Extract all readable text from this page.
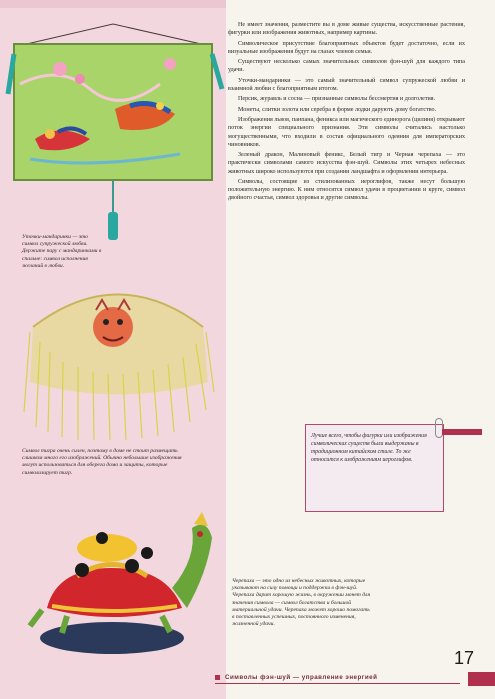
Уточки-мандаринки — это символ супружеской любви. Держите пару с мандаринками в спальне: символ исполнения желаний в любви.

Символ тигра очень силен, поэтому в доме не стоит размещать слишком много его изображений. Обычно небольшие изображения могут использоваться для оберега дома и защиты, которые символизирует тигр.

Черепаха — это одно из небесных животных, которые указывают на силу помощи и поддержки в фэн-шуй. Черепаха дарит хорошую жизнь, в окружении монет для значения символа — символ богатства и большой материальной удачи. Черепаха может хорошо помогать в поставленных успешных, постоянного изменения, жизненной удачи.

Не имеет значения, разместите вы в доме живые существа, искусственные растения, фигурки или изображения животных, например картины.

Символическое присутствие благоприятных объектов будет достаточно, если их визуальные изображения будут на глазах членов семьи.

Существуют несколько самых значительных символов фэн-шуй для каждого типа удачи.

Уточки-мандаринки — это самый значительный символ супружеской любви и взаимной любви с благоприятным итогом.

Персик, журавль и сосна — признанные символы бессмертия и долголетия.

Монеты, слитки золота или серебра в форме лодки дарують дому богатство.

Изображения львов, панпана, феникса или магического единорога (цилиня) открывают поток энергии специального признания. Эти символы считались настолько могущественными, что входили в состав официального одеяния для императорских чиновников.

Зеленый дракон, Малиновый феникс, Белый тигр и Черная черепаха — это практически символами самого искусства фэн-шуй. Символы этих четырех небесных животных широко используются при создании ландшафта и оформлении интерьера.

Символы, состоящие из стилизованных иероглифов, также несут большую положительную энергию. К ним относятся символ удачи в процветании и круге, символ двойного счастья, символ здоровья и другие символы.

Лучше всего, чтобы фигурки или изображения символических существ были выдержаны в традиционном китайском стиле. То же относится к изображениям иероглифов.

Символы фэн-шуй — управление энергией
17
